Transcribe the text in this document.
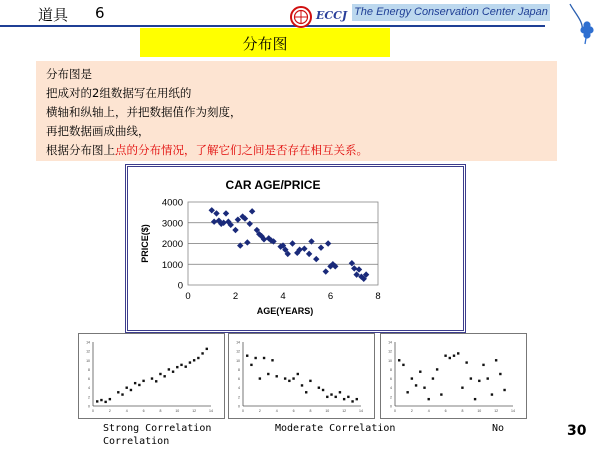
道具 6	ECCJ The Energy Conservation Center Japan
分布图
分布图是
把成对的2组数据写在用纸的
横轴和纵轴上，并把数据值作为刻度，
再把数据画成曲线，
根据分布图上点的分布情况，了解它们之间是否存在相互关系。
CAR AGE/PRICE
0
1000
2000
3000
4000
0	2	4	6	8
AGE(YEARS)
PRICE($)
0
2
4
6
8
10
12
14
0	2	4	6	8	10	12	14
0
2
4
6
8
10
12
14
0	2	4	6	8	10	12	14
0
2
4
6
8
10
12
14
0	2	4	6	8	10	12	14
Strong Correlation
Correlation
Moderate Correlation	No	30
